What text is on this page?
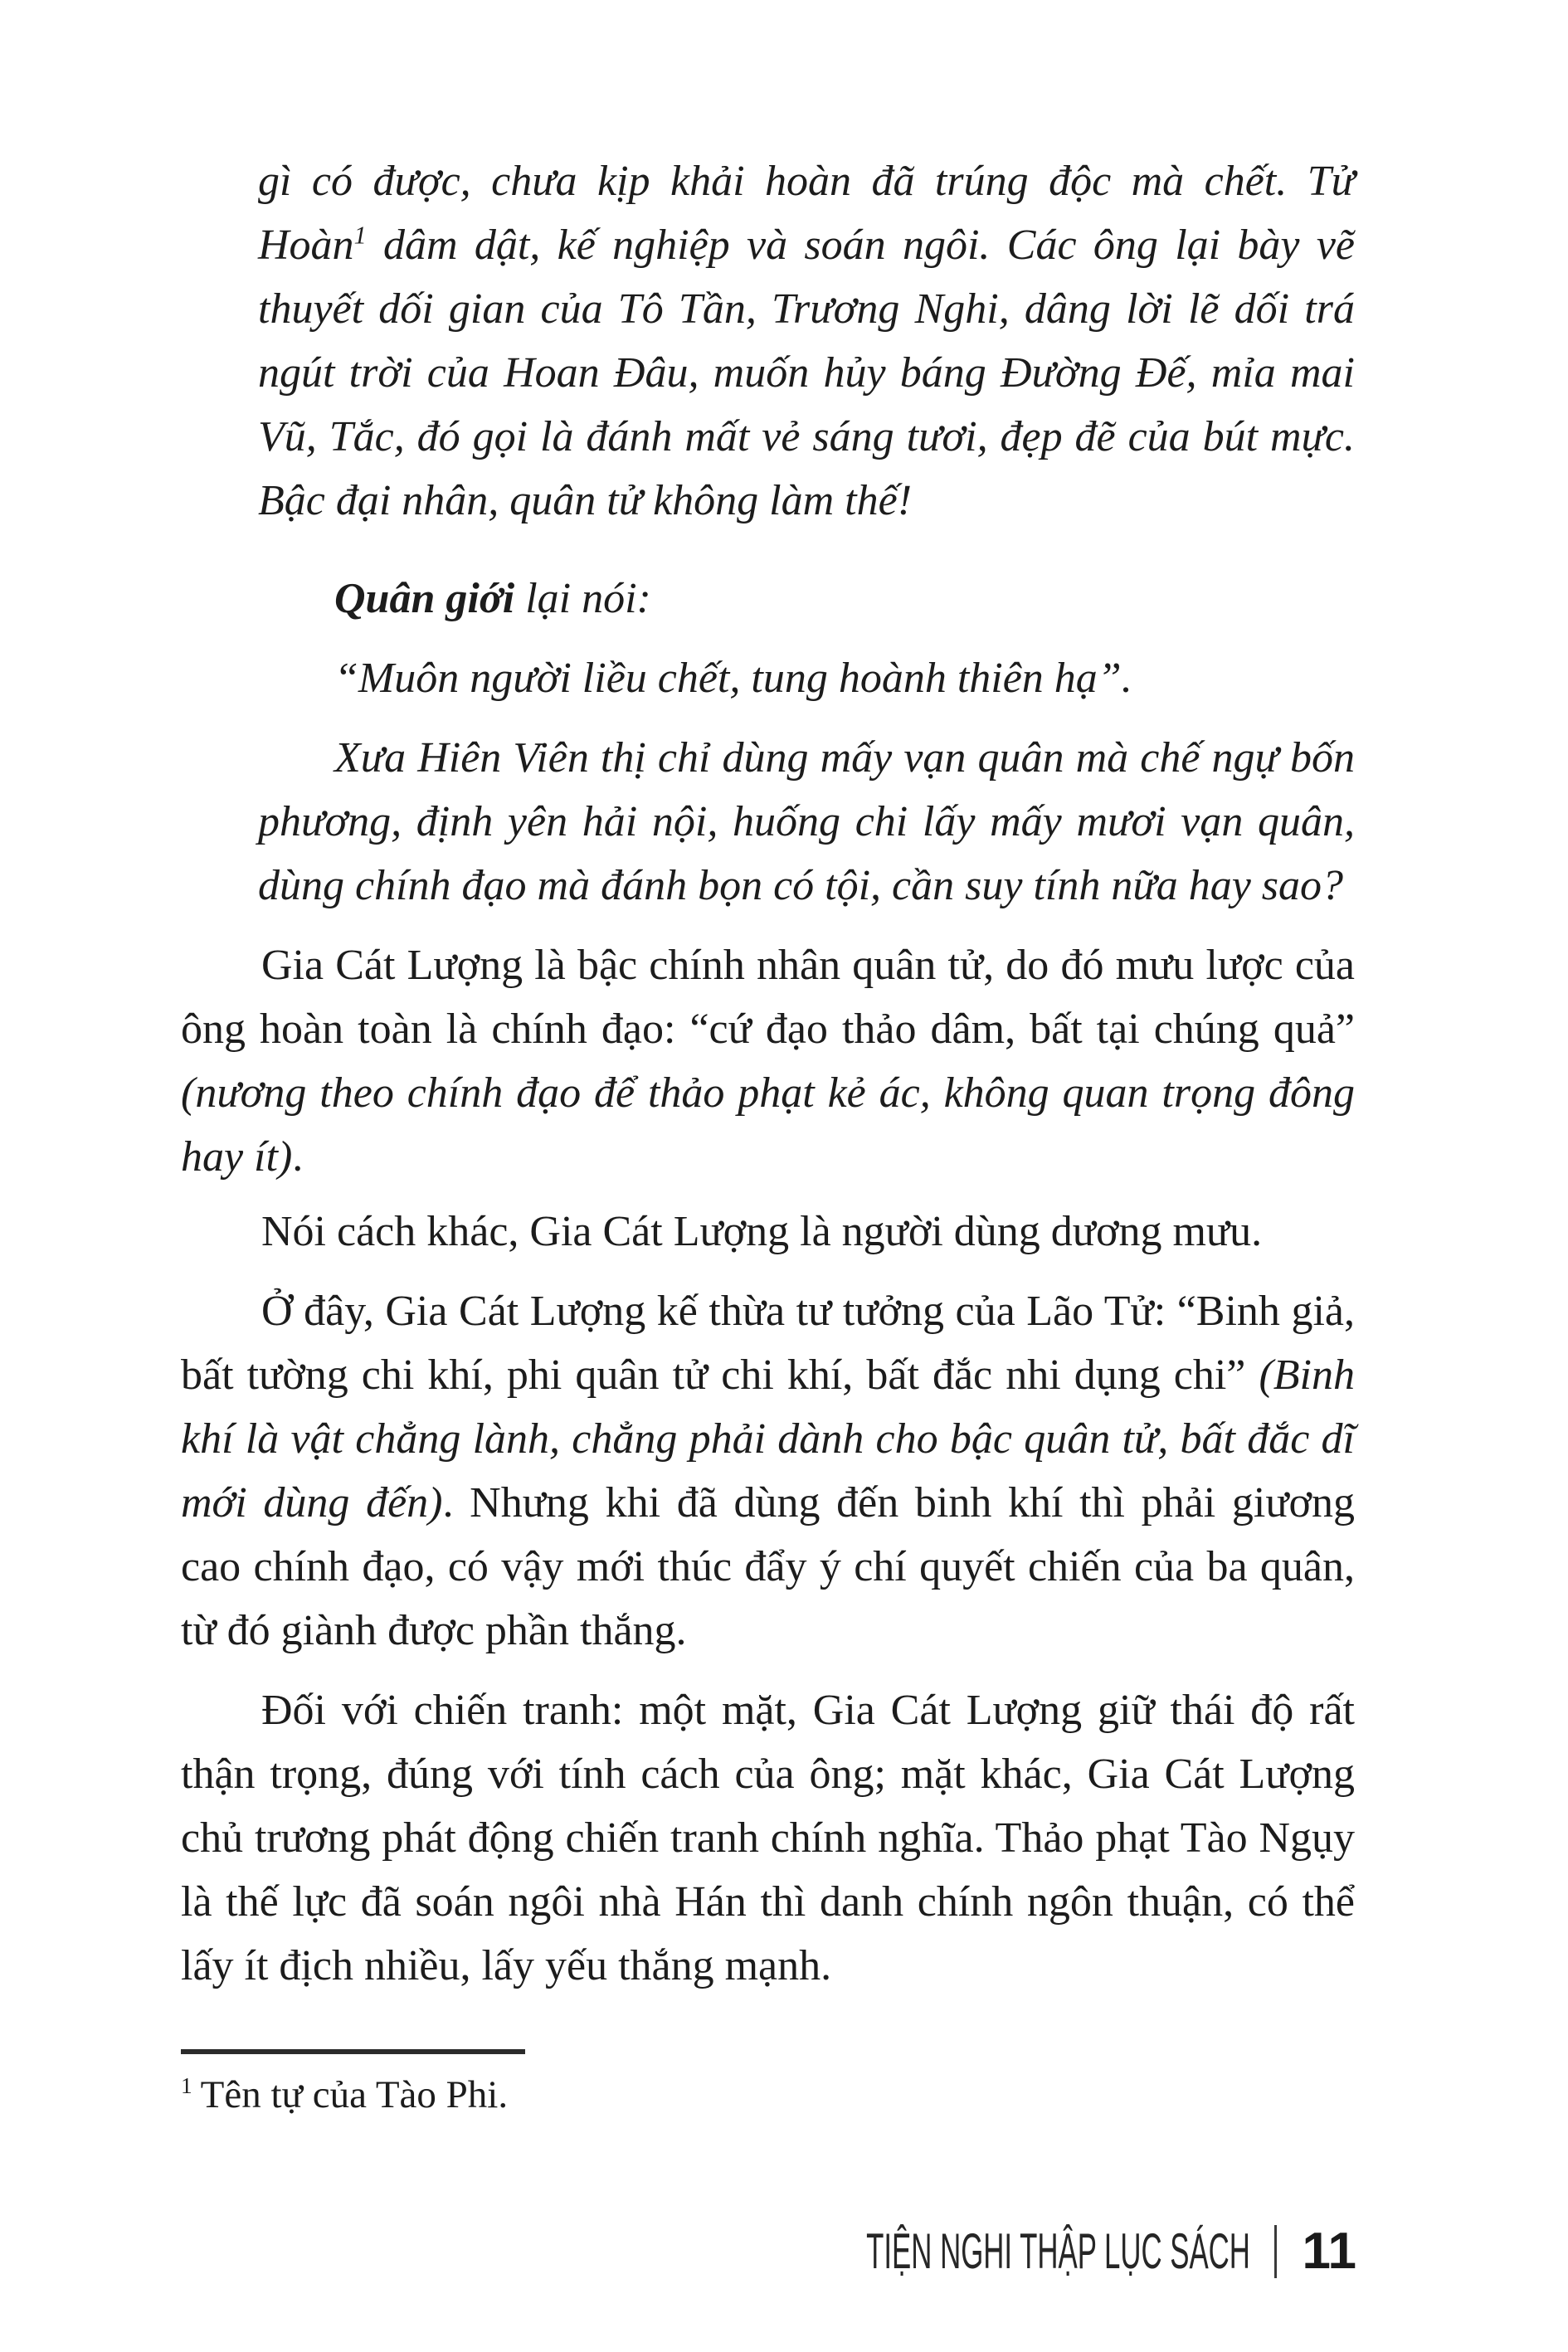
gì có được, chưa kịp khải hoàn đã trúng độc mà chết. Tử Hoàn$^1$ dâm dật, kế nghiệp và soán ngôi. Các ông lại bày vẽ thuyết dối gian của Tô Tần, Trương Nghi, dâng lời lẽ dối trá ngút trời của Hoan Đâu, muốn hủy báng Đường Đế, mỉa mai Vũ, Tắc, đó gọi là đánh mất vẻ sáng tươi, đẹp đẽ của bút mực. Bậc đại nhân, quân tử không làm thế!

Quân giới lại nói:

“Muôn người liều chết, tung hoành thiên hạ”.

Xưa Hiên Viên thị chỉ dùng mấy vạn quân mà chế ngự bốn phương, định yên hải nội, huống chi lấy mấy mươi vạn quân, dùng chính đạo mà đánh bọn có tội, cần suy tính nữa hay sao?

Gia Cát Lượng là bậc chính nhân quân tử, do đó mưu lược của ông hoàn toàn là chính đạo: “cứ đạo thảo dâm, bất tại chúng quả” (nương theo chính đạo để thảo phạt kẻ ác, không quan trọng đông hay ít).

Nói cách khác, Gia Cát Lượng là người dùng dương mưu.

Ở đây, Gia Cát Lượng kế thừa tư tưởng của Lão Tử: “Binh giả, bất tường chi khí, phi quân tử chi khí, bất đắc nhi dụng chi” (Binh khí là vật chẳng lành, chẳng phải dành cho bậc quân tử, bất đắc dĩ mới dùng đến). Nhưng khi đã dùng đến binh khí thì phải giương cao chính đạo, có vậy mới thúc đẩy ý chí quyết chiến của ba quân, từ đó giành được phần thắng.

Đối với chiến tranh: một mặt, Gia Cát Lượng giữ thái độ rất thận trọng, đúng với tính cách của ông; mặt khác, Gia Cát Lượng chủ trương phát động chiến tranh chính nghĩa. Thảo phạt Tào Ngụy là thế lực đã soán ngôi nhà Hán thì danh chính ngôn thuận, có thể lấy ít địch nhiều, lấy yếu thắng mạnh.

$^1$ Tên tự của Tào Phi.
TIỆN NGHI THẬP LỤC SÁCH 11
